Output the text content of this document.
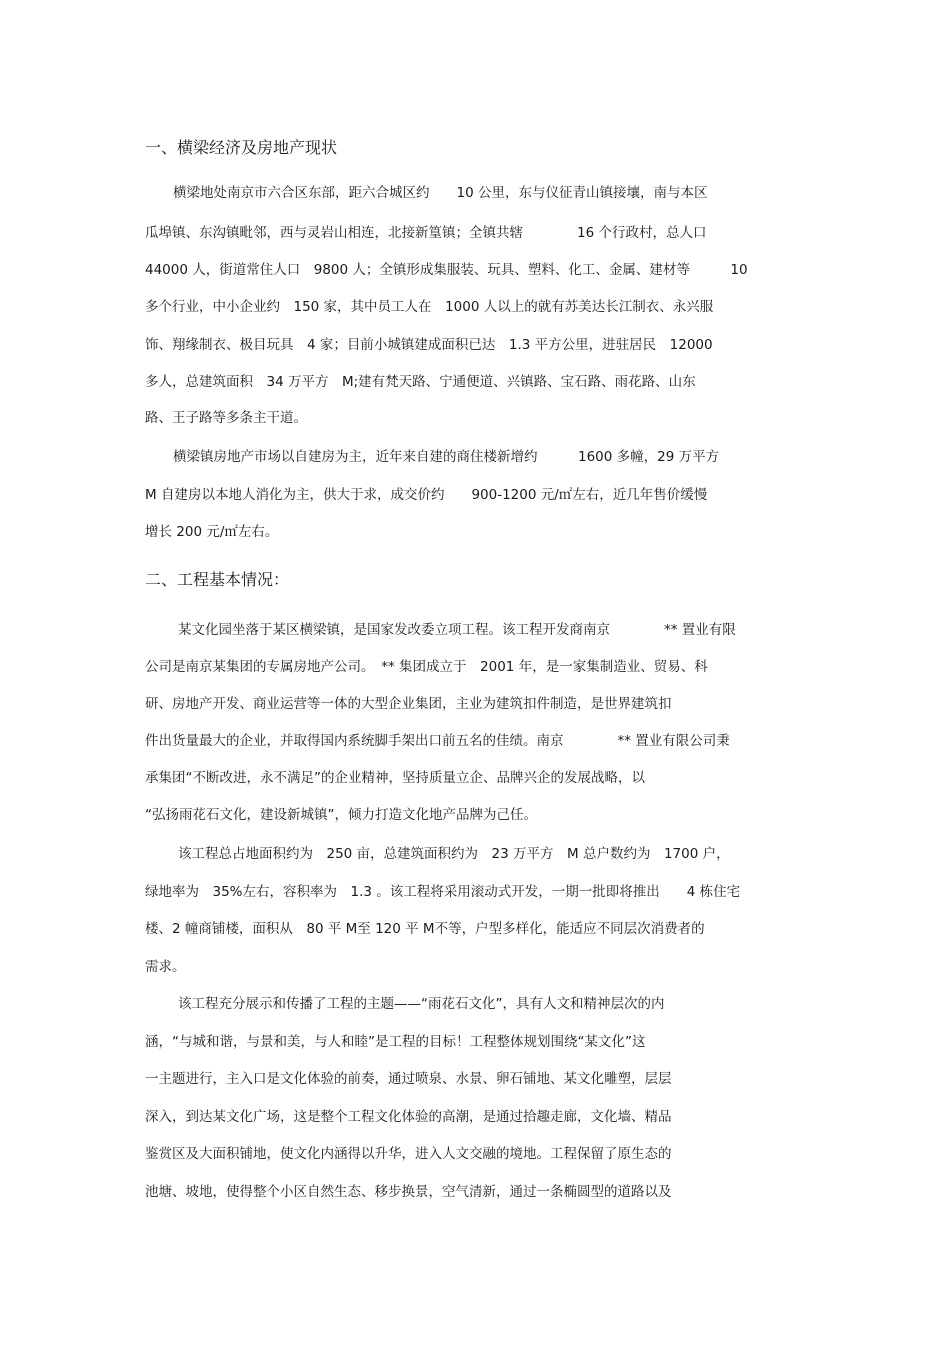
一、横梁经济及房地产现状
横梁地处南京市六合区东部，距六合城区约　　10 公里，东与仪征青山镇接壤，南与本区
瓜埠镇、东沟镇毗邻，西与灵岩山相连，北接新篁镇；全镇共辖　　　　16 个行政村，总人口
44000 人，街道常住人口　9800 人；全镇形成集服装、玩具、塑料、化工、金属、建材等　　　10
多个行业，中小企业约　150 家，其中员工人在　1000 人以上的就有苏美达长江制衣、永兴服
饰、翔缘制衣、极目玩具　4 家；目前小城镇建成面积已达　1.3 平方公里，进驻居民　12000
多人，总建筑面积　34 万平方　M;建有梵天路、宁通便道、兴镇路、宝石路、雨花路、山东
路、王子路等多条主干道。
横梁镇房地产市场以自建房为主，近年来自建的商住楼新增约　　　1600 多幢，29 万平方
M 自建房以本地人消化为主，供大于求，成交价约　　900-1200 元/㎡左右，近几年售价缓慢
增长 200 元/㎡左右。
二、工程基本情况：
某文化园坐落于某区横梁镇，是国家发改委立项工程。该工程开发商南京　　　　** 置业有限
公司是南京某集团的专属房地产公司。　** 集团成立于　2001 年，是一家集制造业、贸易、科
研、房地产开发、商业运营等一体的大型企业集团，主业为建筑扣件制造，是世界建筑扣
件出货量最大的企业，并取得国内系统脚手架出口前五名的佳绩。南京　　　　** 置业有限公司秉
承集团“不断改进，永不满足”的企业精神，坚持质量立企、品牌兴企的发展战略，以
“弘扬雨花石文化，建设新城镇”，倾力打造文化地产品牌为己任。
该工程总占地面积约为　250 亩，总建筑面积约为　23 万平方　M 总户数约为　1700 户，
绿地率为　35%左右，容积率为　1.3 。该工程将采用滚动式开发，一期一批即将推出　　4 栋住宅
楼、2 幢商铺楼，面积从　80 平 M至 120 平 M不等，户型多样化，能适应不同层次消费者的
需求。
该工程充分展示和传播了工程的主题——“雨花石文化”，具有人文和精神层次的内
涵，“与城和谐，与景和美，与人和睦”是工程的目标！工程整体规划围绕“某文化”这
一主题进行，主入口是文化体验的前奏，通过喷泉、水景、卵石铺地、某文化雕塑，层层
深入，到达某文化广场，这是整个工程文化体验的高潮，是通过拾趣走廊，文化墙、精品
鉴赏区及大面积铺地，使文化内涵得以升华，进入人文交融的境地。工程保留了原生态的
池塘、坡地，使得整个小区自然生态、移步换景，空气清新，通过一条椭圆型的道路以及
